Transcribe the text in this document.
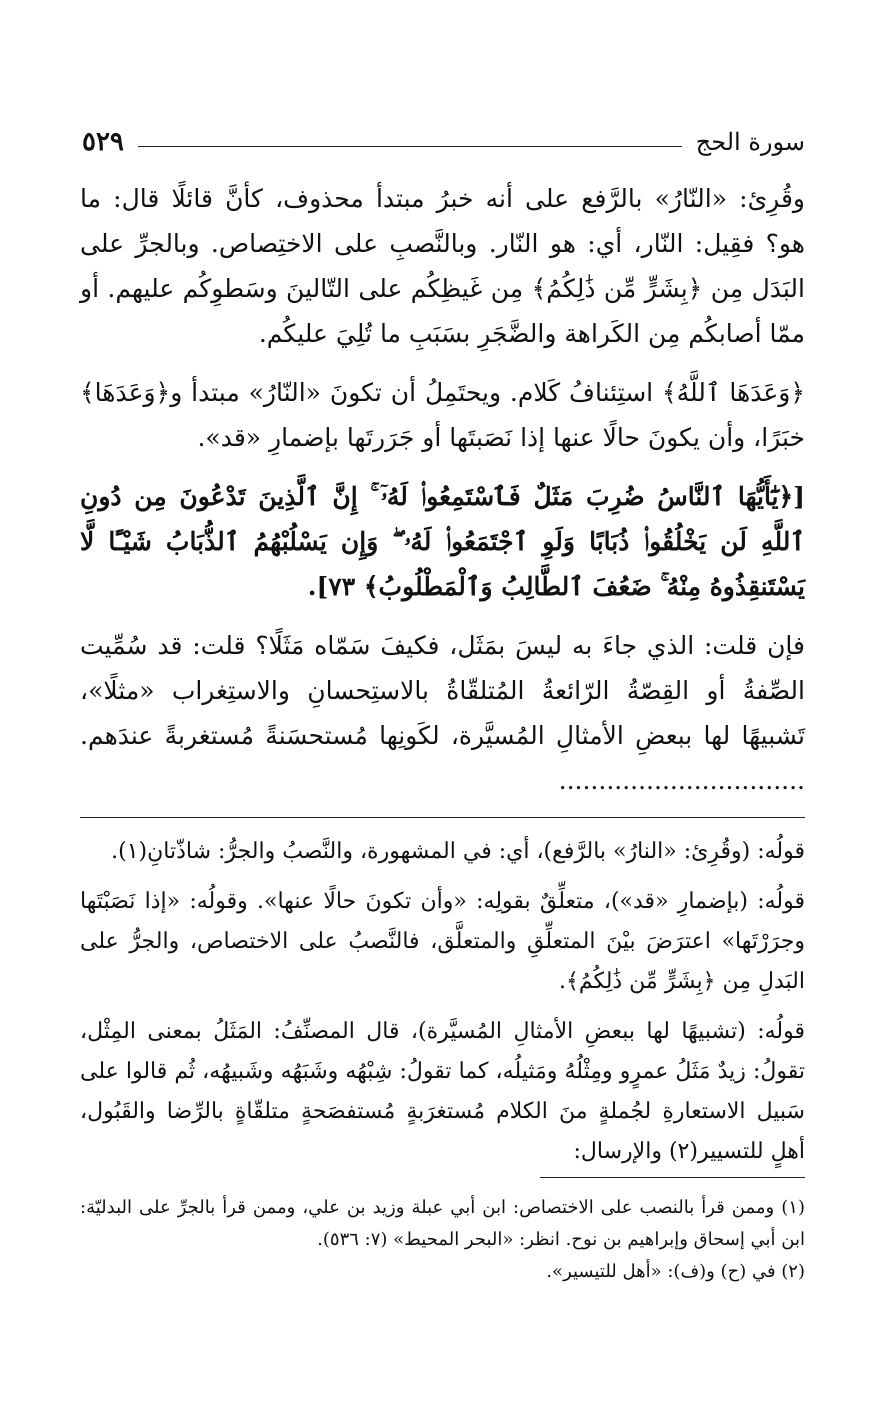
٥٢٩	سورة الحج

وقُرِئ: «النّارُ» بالرَّفع على أنه خبرُ مبتدأ محذوف، كأنَّ قائلًا قال: ما هو؟ فقِيل: النّار، أي: هو النّار. وبالنَّصبِ على الاختِصاص. وبالجرِّ على البَدَل مِن ﴿بِشَرٍّ مِّن ذَٰلِكُمُ﴾ مِن غَيظِكُم على التّالينَ وسَطوِكُم عليهم. أو ممّا أصابكُم مِن الكَراهة والضَّجَرِ بسَبَبِ ما تُلِيَ عليكُم.

﴿وَعَدَهَا ٱللَّهُ﴾ استِئنافُ كَلام. ويحتَمِلُ أن تكونَ «النّارُ» مبتدأ و﴿وَعَدَهَا﴾ خبَرًا، وأن يكونَ حالًا عنها إذا نَصَبتَها أو جَرَرتَها بإضمارِ «قد».

[﴿يَٰٓأَيُّهَا ٱلنَّاسُ ضُرِبَ مَثَلٌ فَٱسْتَمِعُوا۟ لَهُۥٓ ۚ إِنَّ ٱلَّذِينَ تَدْعُونَ مِن دُونِ ٱللَّهِ لَن يَخْلُقُوا۟ ذُبَابًا وَلَوِ ٱجْتَمَعُوا۟ لَهُۥ ۖ وَإِن يَسْلُبْهُمُ ٱلذُّبَابُ شَيْـًٔا لَّا يَسْتَنقِذُوهُ مِنْهُ ۚ ضَعُفَ ٱلطَّالِبُ وَٱلْمَطْلُوبُ﴾ ٧٣].

فإن قلت: الذي جاءَ به ليسَ بمَثَل، فكيفَ سَمّاه مَثَلًا؟ قلت: قد سُمِّيت الصِّفةُ أو القِصّةُ الرّائعةُ المُتلقّاةُ بالاستِحسانِ والاستِغراب «مثلًا»، تَشبيهًا لها ببعضِ الأمثالِ المُسيَّرة، لكَونِها مُستحسَنةً مُستغربةً عندَهم. ...............................

قولُه: (وقُرِئ: «النارُ» بالرَّفع)، أي: في المشهورة، والنَّصبُ والجرُّ: شاذّتانِ(١).

قولُه: (بإضمارِ «قد»)، متعلِّقٌ بقولِه: «وأن تكونَ حالًا عنها». وقولُه: «إذا نَصَبْتَها وجرَرْتَها» اعترَضَ بيْنَ المتعلِّقِ والمتعلَّق، فالنَّصبُ على الاختصاص، والجرُّ على البَدلِ مِن ﴿بِشَرٍّ مِّن ذَٰلِكُمُ﴾.

قولُه: (تشبيهًا لها ببعضِ الأمثالِ المُسيَّرة)، قال المصنِّفُ: المَثَلُ بمعنى المِثْل، تقولُ: زيدٌ مَثَلُ عمرٍو ومِثْلُهُ ومَثيلُه، كما تقولُ: شِبْهُه وشَبَهُه وشَبيهُه، ثُم قالوا على سَبيل الاستعارةِ لجُملةٍ منَ الكلام مُستغرَبةٍ مُستفصَحةٍ متلقّاةٍ بالرِّضا والقَبُول، أهلٍ للتسيير(٢) والإرسال:

(١) وممن قرأ بالنصب على الاختصاص: ابن أبي عبلة وزيد بن علي، وممن قرأ بالجرِّ على البدليّة: ابن أبي إسحاق وإبراهيم بن نوح. انظر: «البحر المحيط» (٧: ٥٣٦).

(٢) في (ح) و(ف): «أهل للتيسير».
